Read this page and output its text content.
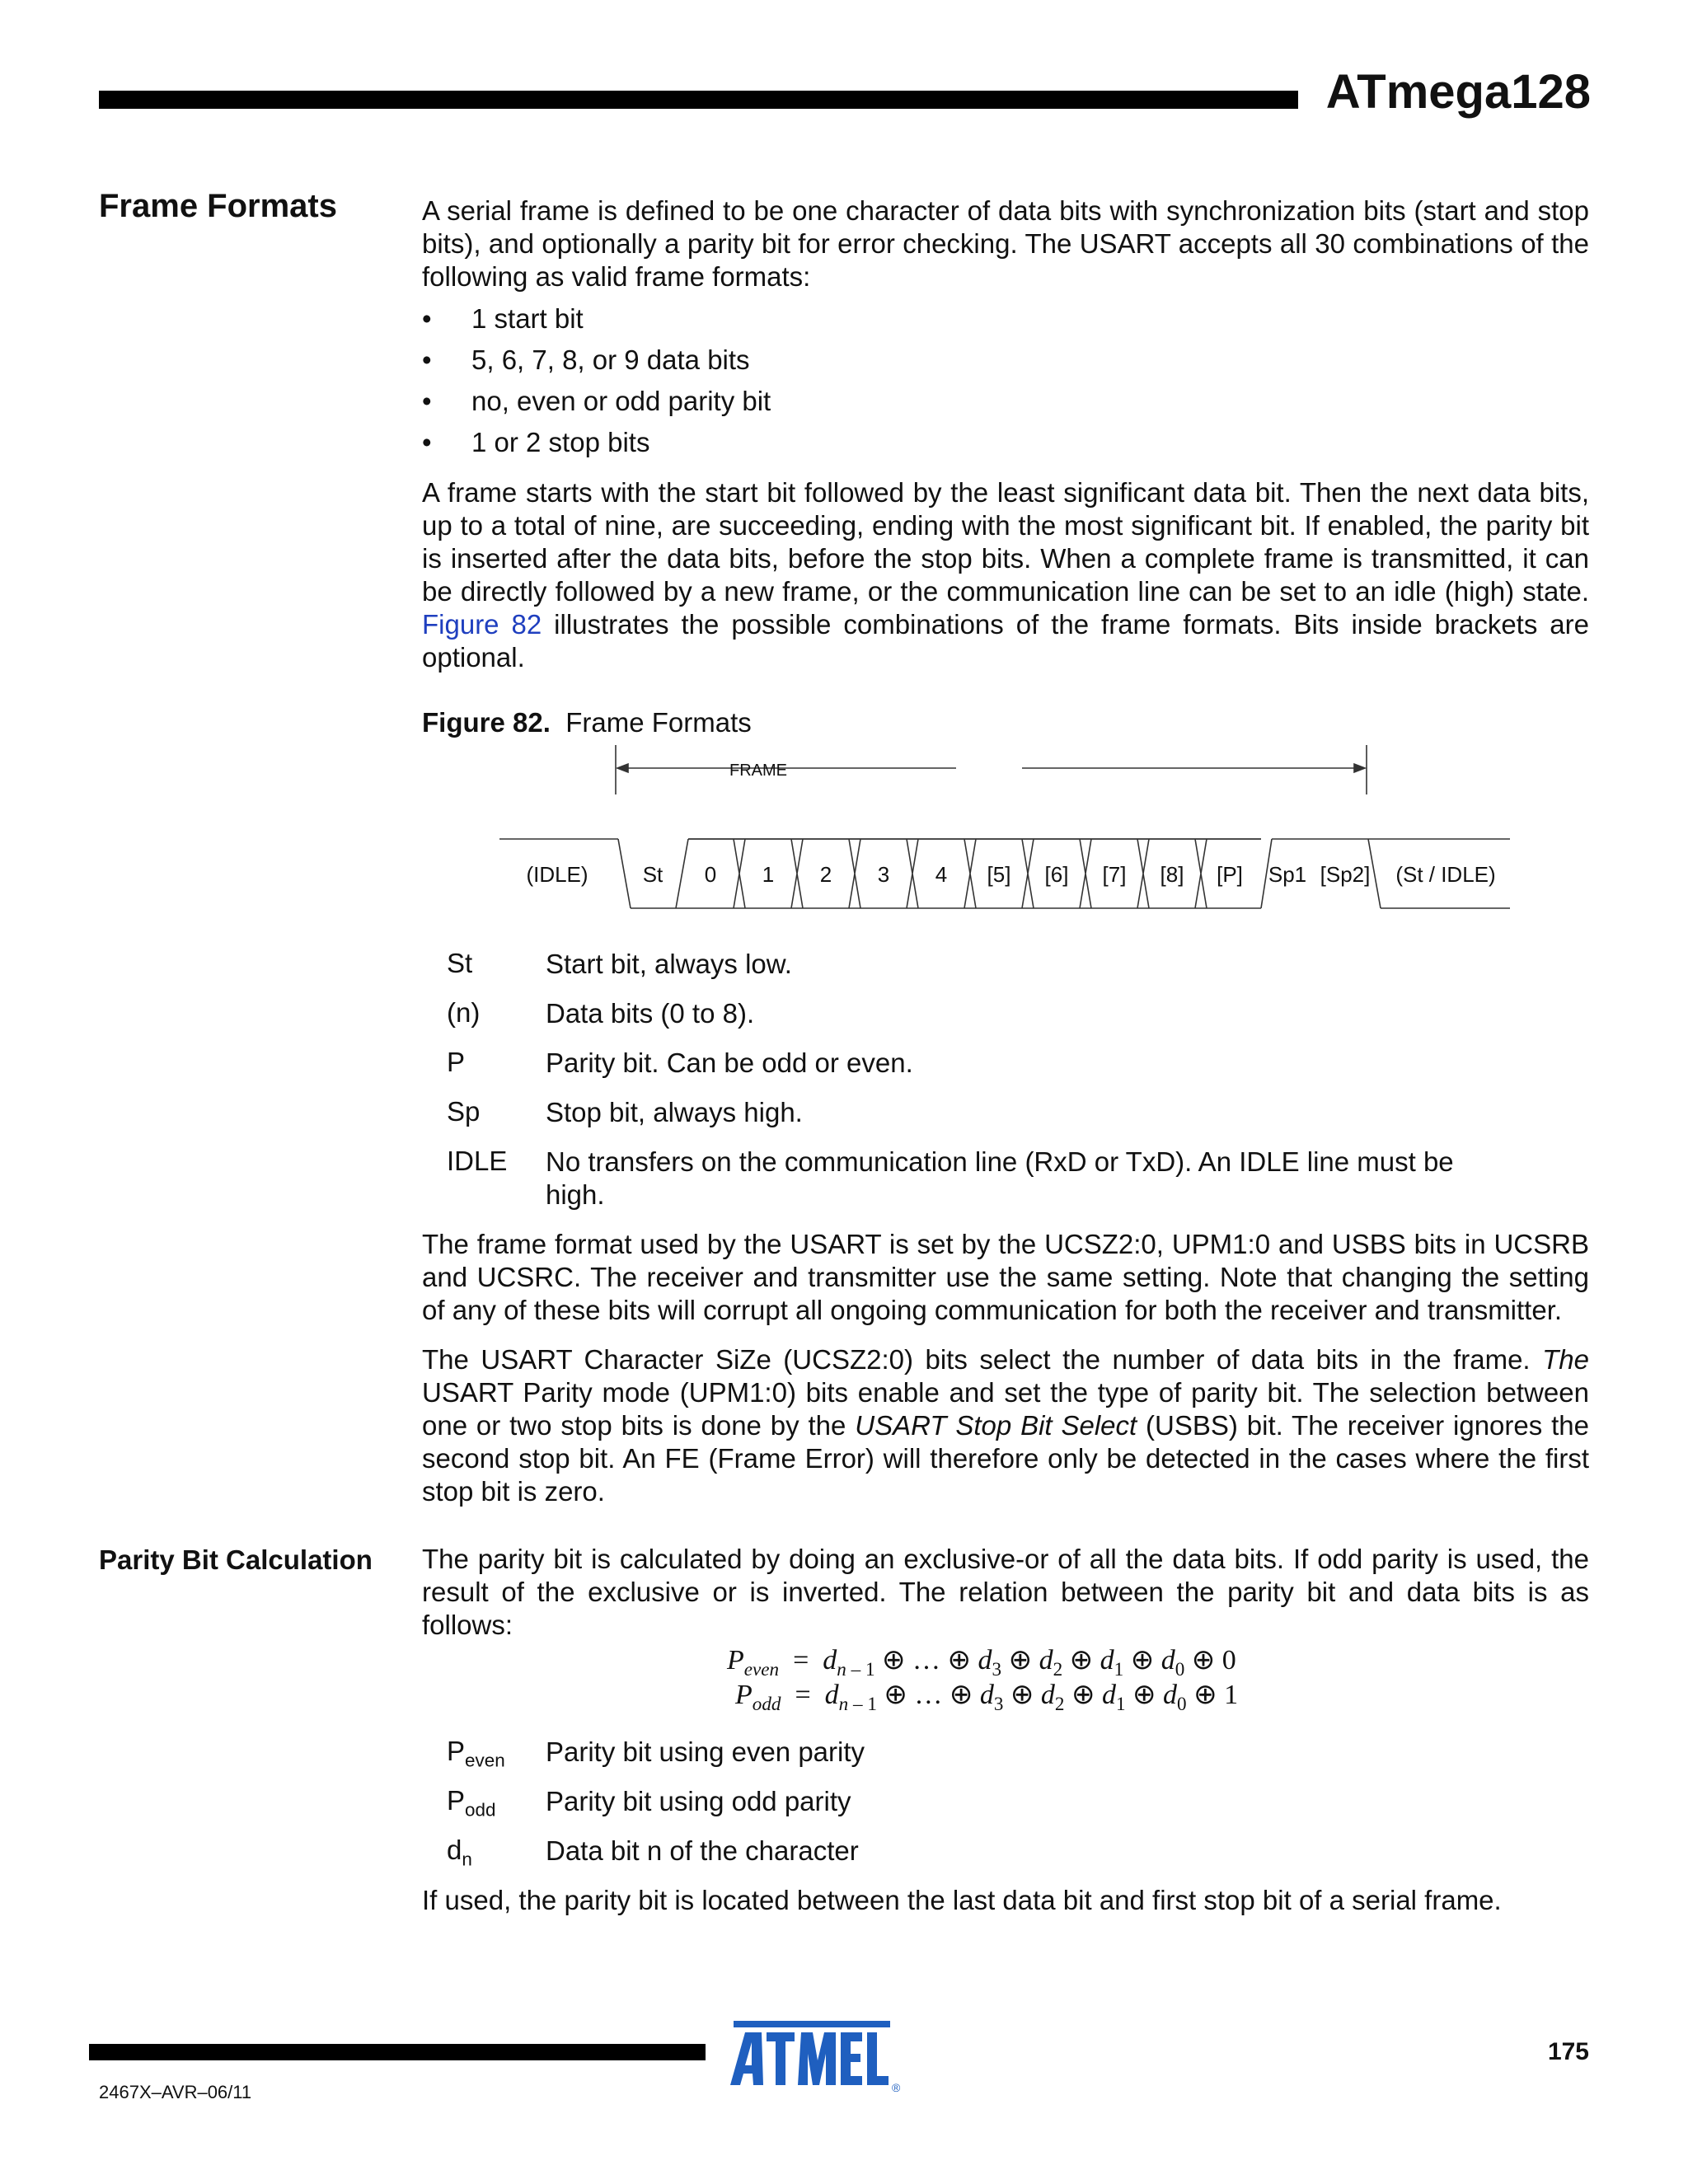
ATmega128
Frame Formats	A serial frame is defined to be one character of data bits with synchronization bits (start and stop bits), and optionally a parity bit for error checking. The USART accepts all 30 combinations of the following as valid frame formats:

• 1 start bit
• 5, 6, 7, 8, or 9 data bits
• no, even or odd parity bit
• 1 or 2 stop bits

A frame starts with the start bit followed by the least significant data bit. Then the next data bits, up to a total of nine, are succeeding, ending with the most significant bit. If enabled, the parity bit is inserted after the data bits, before the stop bits. When a complete frame is transmitted, it can be directly followed by a new frame, or the communication line can be set to an idle (high) state. Figure 82 illustrates the possible combinations of the frame formats. Bits inside brackets are optional.

Figure 82. Frame Formats
FRAME
(IDLE)	St 0 1 2 3 4 [5] [6] [7] [8] [P] Sp1 [Sp2] (St / IDLE)
St	Start bit, always low.
(n) Data bits (0 to 8).
P	Parity bit. Can be odd or even.
Sp Stop bit, always high.
IDLE No transfers on the communication line (RxD or TxD). An IDLE line must be high.

The frame format used by the USART is set by the UCSZ2:0, UPM1:0 and USBS bits in UCSRB and UCSRC. The receiver and transmitter use the same setting. Note that changing the setting of any of these bits will corrupt all ongoing communication for both the receiver and transmitter.

The USART Character SiZe (UCSZ2:0) bits select the number of data bits in the frame. The USART Parity mode (UPM1:0) bits enable and set the type of parity bit. The selection between one or two stop bits is done by the USART Stop Bit Select (USBS) bit. The receiver ignores the second stop bit. An FE (Frame Error) will therefore only be detected in the cases where the first stop bit is zero.

Parity Bit Calculation The parity bit is calculated by doing an exclusive-or of all the data bits. If odd parity is used, the result of the exclusive or is inverted. The relation between the parity bit and data bits is as follows:

$P_{even} = d_{n - 1}$ ⊕ … ⊕ $d_3$ ⊕ $d_2$ ⊕ $d_1$ ⊕ $d_0$ ⊕ 0
$P_{odd} = d_{n - 1}$ ⊕ … ⊕ $d_3$ ⊕ $d_2$ ⊕ $d_1$ ⊕ $d_0$ ⊕ 1
$P_{even}$ Parity bit using even parity
$P_{odd}$ Parity bit using odd parity
$d_n$	Data bit n of the character

If used, the parity bit is located between the last data bit and first stop bit of a serial frame.

®
175
2467X–AVR–06/11
